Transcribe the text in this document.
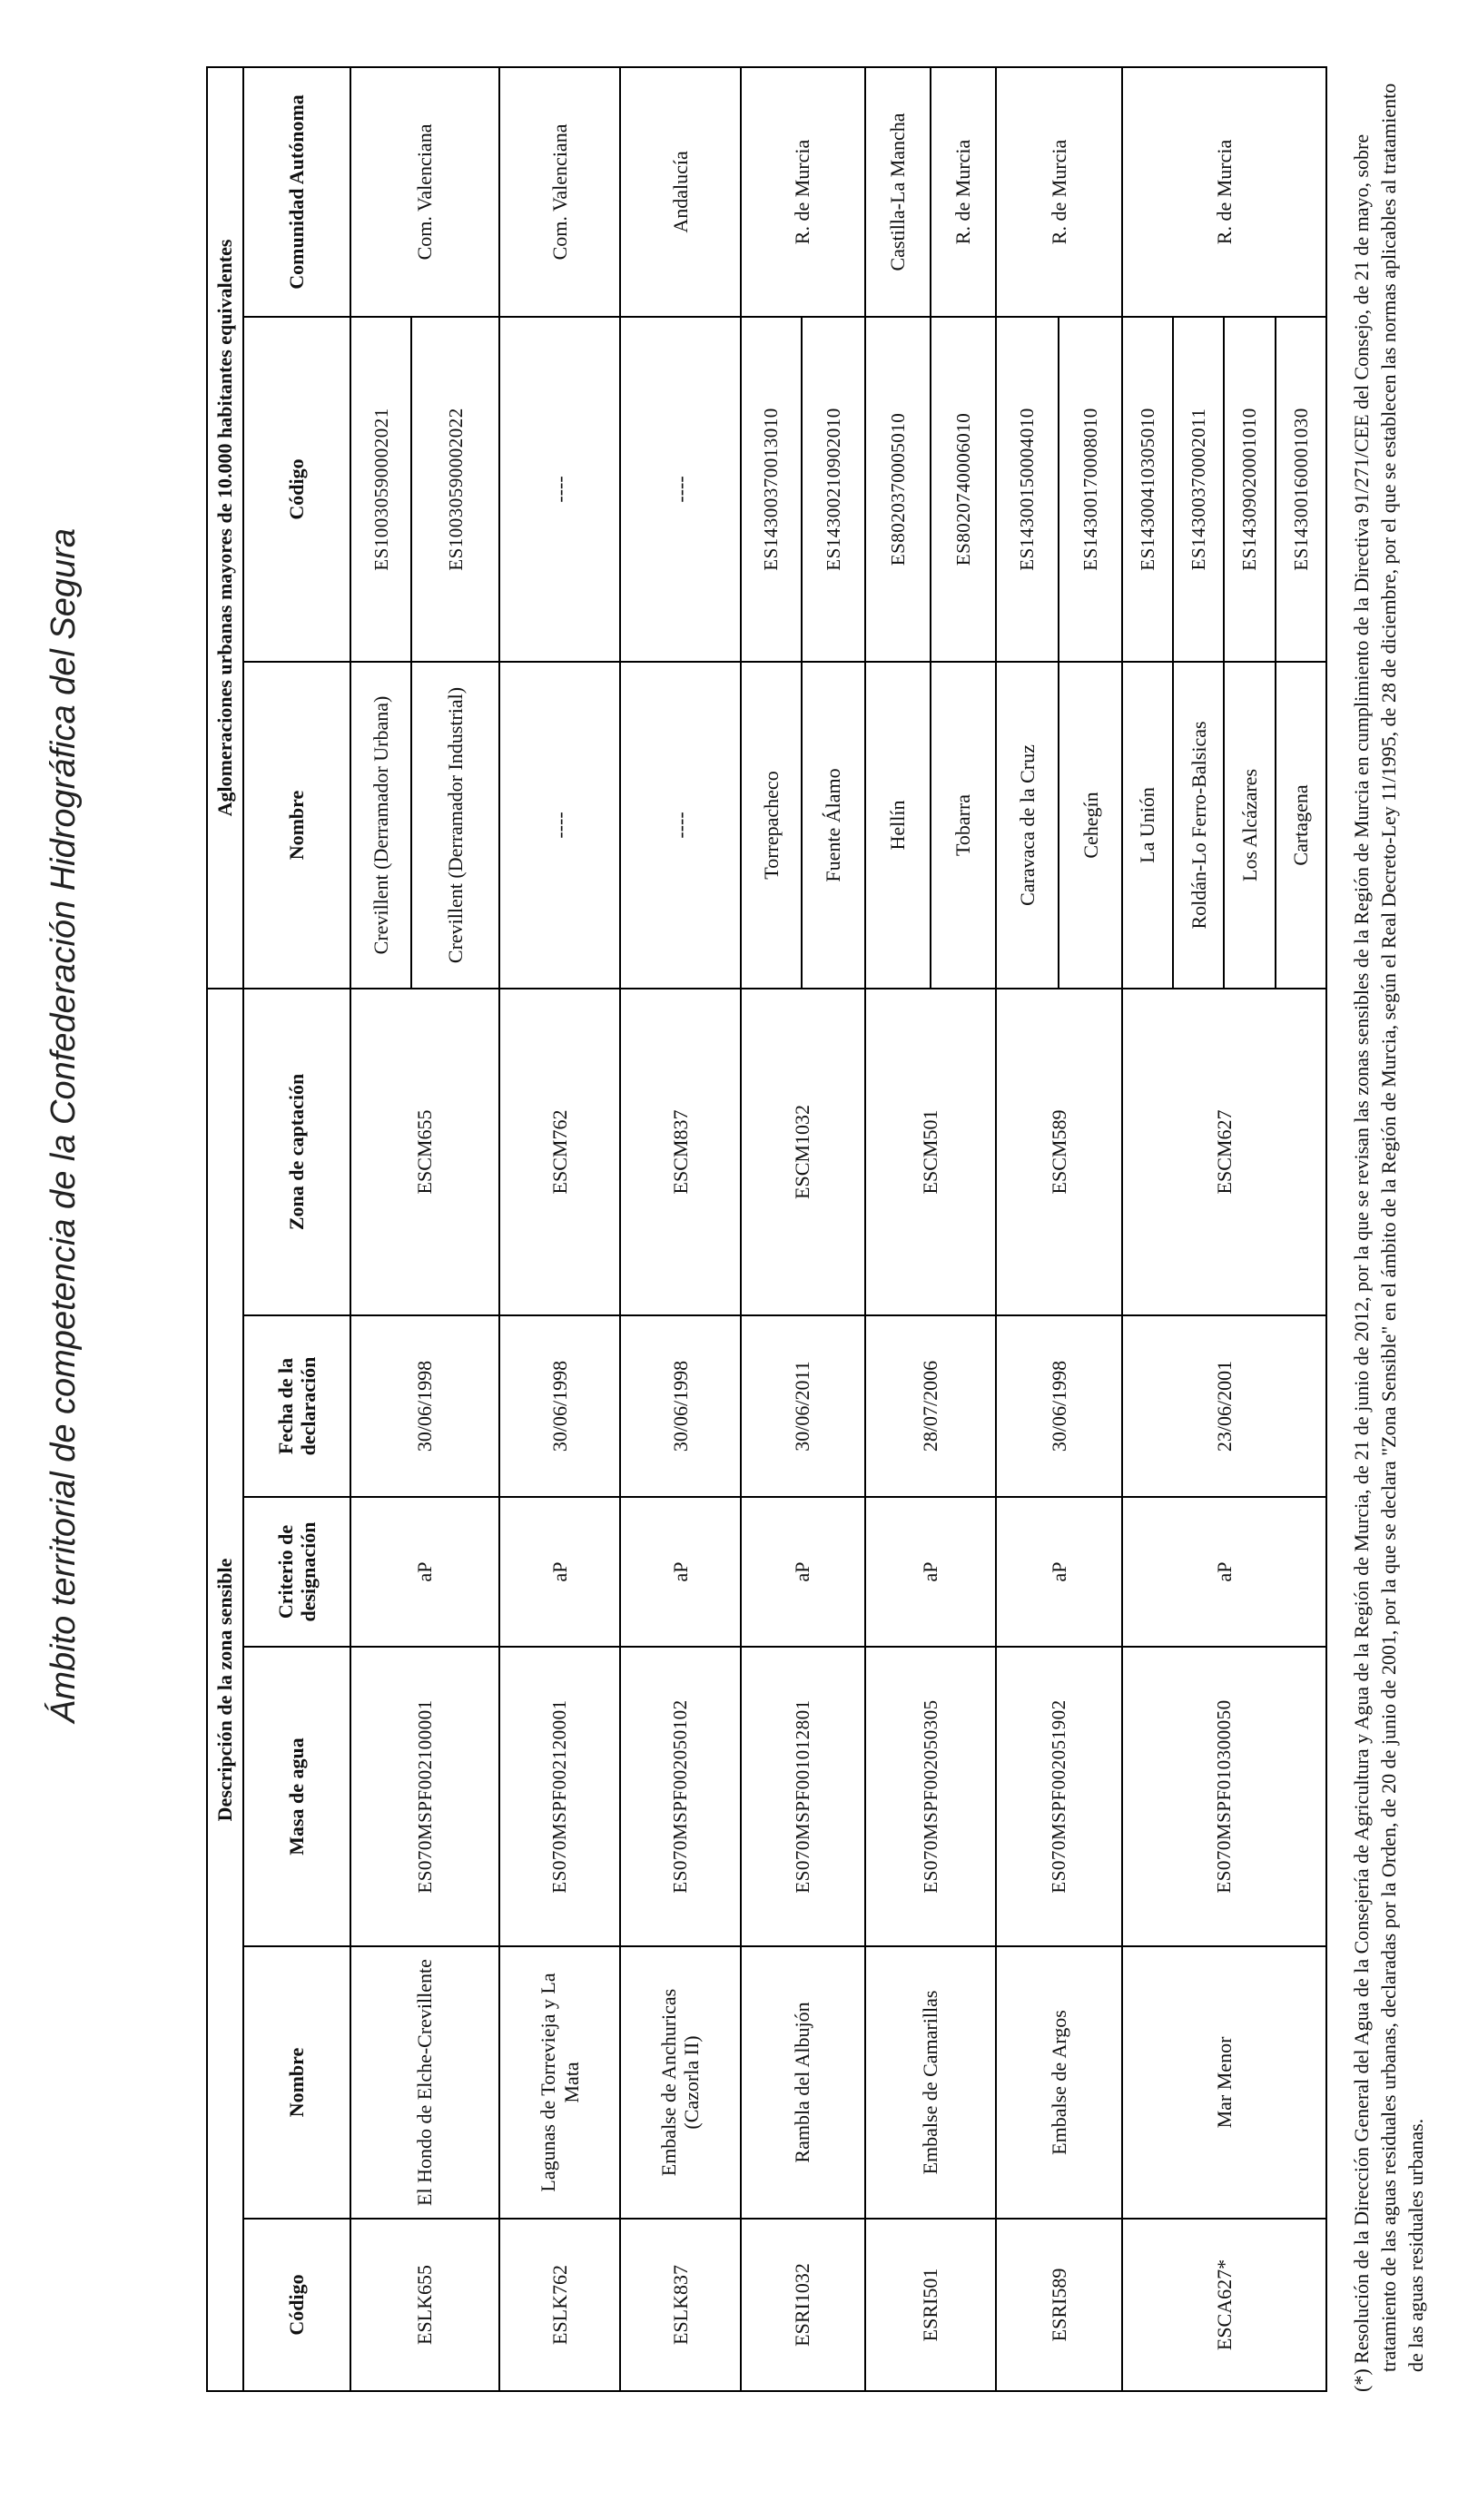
Ámbito territorial de competencia de la Confederación Hidrográfica del Segura	Descripción de la zona sensible						Aglomeraciones urbanas mayores de 10.000 habitantes equivalentes		
Código	Nombre	Masa de agua	Criterio de designación	Fecha de la declaración	Zona de captación	Nombre	Código	Comunidad Autónoma
ESLK655	El Hondo de Elche-Crevillente	ES070MSPF002100001	aP	30/06/1998	ESCM655	Crevillent (Derramador Urbana)	ES10030590002021	Com. Valenciana
						Crevillent (Derramador Industrial)	ES10030590002022	
ESLK762	Lagunas de Torrevieja y La Mata	ES070MSPF002120001	aP	30/06/1998	ESCM762	----	----	Com. Valenciana
ESLK837	Embalse de Anchuricas (Cazorla II)	ES070MSPF002050102	aP	30/06/1998	ESCM837	----	----	Andalucía
ESRI1032	Rambla del Albujón	ES070MSPF001012801	aP	30/06/2011	ESCM1032	Torrepacheco	ES14300370013010	R. de Murcia
						Fuente Álamo	ES14300210902010	
ESRI501	Embalse de Camarillas	ES070MSPF002050305	aP	28/07/2006	ESCM501	Hellín	ES8020370005010	Castilla-La Mancha
						Tobarra	ES8020740006010	R. de Murcia
ESRI589	Embalse de Argos	ES070MSPF002051902	aP	30/06/1998	ESCM589	Caravaca de la Cruz	ES14300150004010	R. de Murcia
						Cehegín	ES14300170008010	
ESCA627*	Mar Menor	ES070MSPF010300050	aP	23/06/2001	ESCM627	La Unión	ES14300410305010	R. de Murcia
						Roldán-Lo Ferro-Balsicas	ES14300370002011	
						Los Alcázares	ES14309020001010	
						Cartagena	ES14300160001030	(*) Resolución de la Dirección General del Agua de la Consejería de Agricultura y Agua de la Región de Murcia, de 21 de junio de 2012, por la que se revisan las zonas sensibles de la Región de Murcia en cumplimiento de la Directiva 91/271/CEE del Consejo, de 21 de mayo, sobre tratamiento de las aguas residuales urbanas, declaradas por la Orden, de 20 de junio de 2001, por la que se declara "Zona Sensible" en el ámbito de la Región de Murcia, según el Real Decreto-Ley 11/1995, de 28 de diciembre, por el que se establecen las normas aplicables al tratamiento de las aguas residuales urbanas.
